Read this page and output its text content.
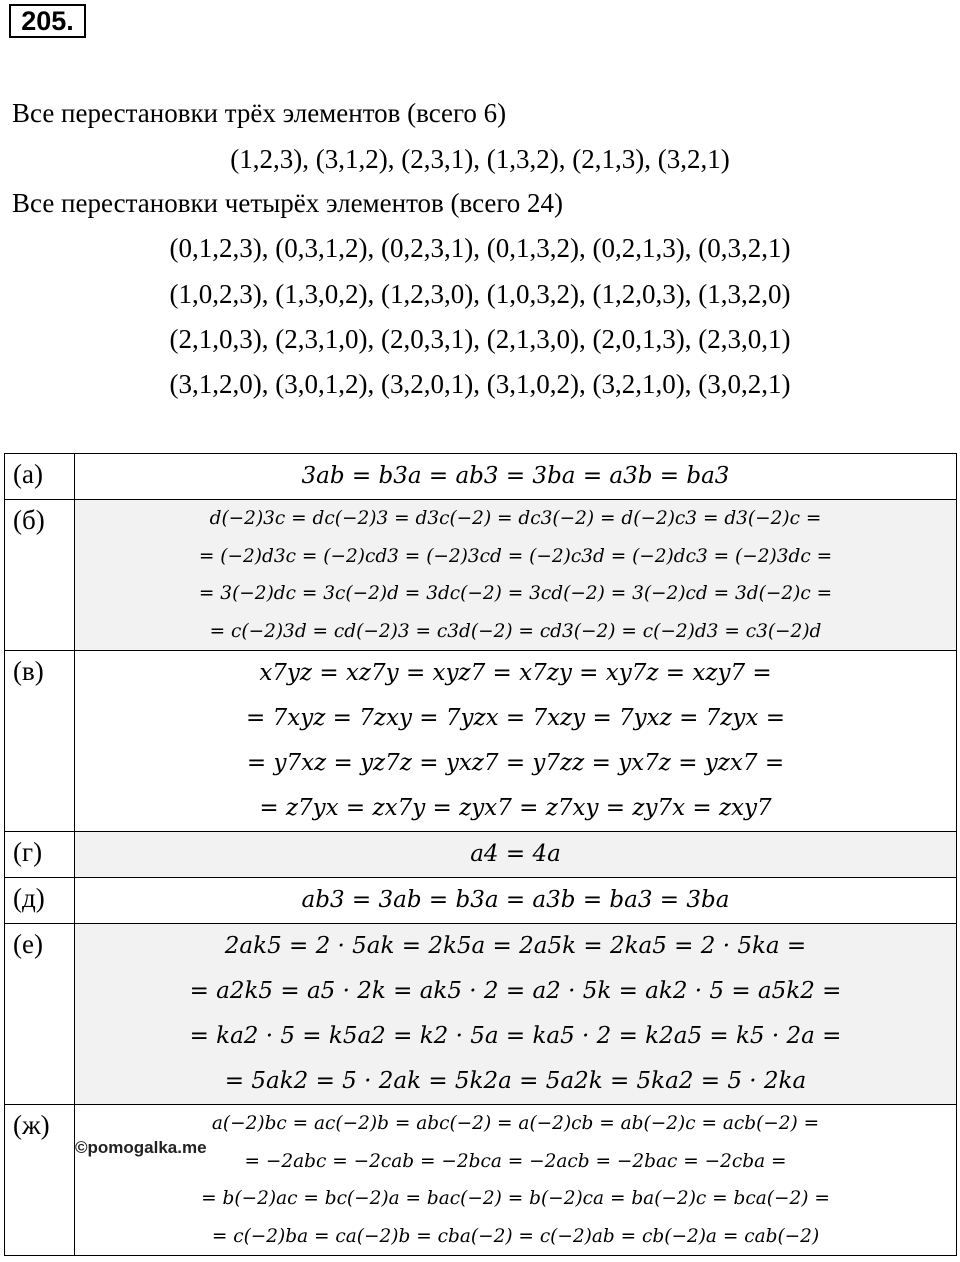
205.
Все перестановки трёх элементов (всего 6)
(1,2,3), (3,1,2), (2,3,1), (1,3,2), (2,1,3), (3,2,1)
Все перестановки четырёх элементов (всего 24)
(0,1,2,3), (0,3,1,2), (0,2,3,1), (0,1,3,2), (0,2,1,3), (0,3,2,1)
(1,0,2,3), (1,3,0,2), (1,2,3,0), (1,0,3,2), (1,2,0,3), (1,3,2,0)
(2,1,0,3), (2,3,1,0), (2,0,3,1), (2,1,3,0), (2,0,1,3), (2,3,0,1)
(3,1,2,0), (3,0,1,2), (3,2,0,1), (3,1,0,2), (3,2,1,0), (3,0,2,1)
(а)	3ab = b3a = ab3 = 3ba = a3b = ba3

(б)	d(−2)3c = dc(−2)3 = d3c(−2) = dc3(−2) = d(−2)c3 = d3(−2)c =
= (−2)d3c = (−2)cd3 = (−2)3cd = (−2)c3d = (−2)dc3 = (−2)3dc =
= 3(−2)dc = 3c(−2)d = 3dc(−2) = 3cd(−2) = 3(−2)cd = 3d(−2)c =
= c(−2)3d = cd(−2)3 = c3d(−2) = cd3(−2) = c(−2)d3 = c3(−2)d

(в)	x7yz = xz7y = xyz7 = x7zy = xy7z = xzy7 =
= 7xyz = 7zxy = 7yzx = 7xzy = 7yxz = 7zyx =
= y7xz = yz7z = yxz7 = y7zz = yx7z = yzx7 =
= z7yx = zx7y = zyx7 = z7xy = zy7x = zxy7

(г)	a4 = 4a

(д)	ab3 = 3ab = b3a = a3b = ba3 = 3ba

(е)	2ak5 = 2 · 5ak = 2k5a = 2a5k = 2ka5 = 2 · 5ka =
= a2k5 = a5 · 2k = ak5 · 2 = a2 · 5k = ak2 · 5 = a5k2 =
= ka2 · 5 = k5a2 = k2 · 5a = ka5 · 2 = k2a5 = k5 · 2a =
= 5ak2 = 5 · 2ak = 5k2a = 5a2k = 5ka2 = 5 · 2ka

(ж)	a(−2)bc = ac(−2)b = abc(−2) = a(−2)cb = ab(−2)c = acb(−2) =
= −2abc = −2cab = −2bca = −2acb = −2bac = −2cba =
= b(−2)ac = bc(−2)a = bac(−2) = b(−2)ca = ba(−2)c = bca(−2) =
= c(−2)ba = ca(−2)b = cba(−2) = c(−2)ab = cb(−2)a = cab(−2)
©pomogalka.me
